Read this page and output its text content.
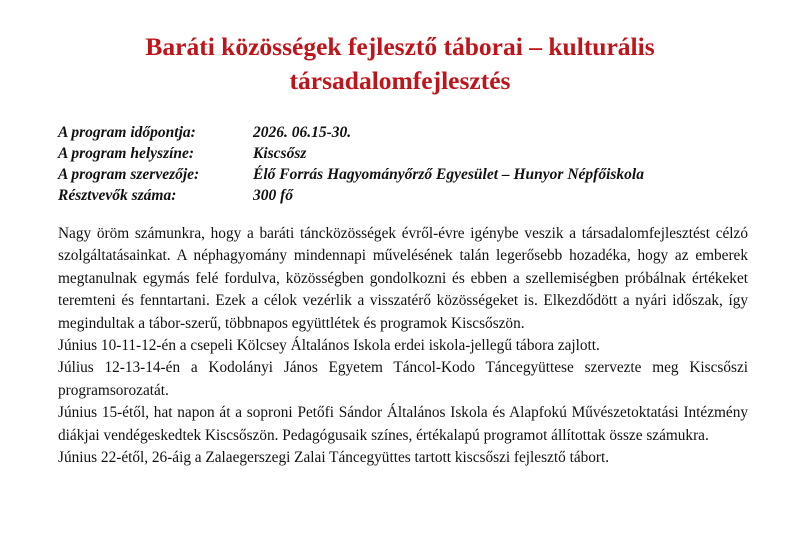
Baráti közösségek fejlesztő táborai – kulturális
társadalomfejlesztés
A program időpontja:	2026. 06.15-30.
A program helyszíne:	Kiscsősz
A program szervezője:	Élő Forrás Hagyományőrző Egyesület – Hunyor Népfőiskola
Résztvevők száma:	300 fő

Nagy öröm számunkra, hogy a baráti táncközösségek évről-évre igénybe veszik a társadalomfejlesztést célzó szolgáltatásainkat. A néphagyomány mindennapi művelésének talán legerősebb hozadéka, hogy az emberek megtanulnak egymás felé fordulva, közösségben gondolkozni és ebben a szellemiségben próbálnak értékeket teremteni és fenntartani. Ezek a célok vezérlik a visszatérő közösségeket is. Elkezdődött a nyári időszak, így megindultak a tábor-szerű, többnapos együttlétek és programok Kiscsőszön.

Június 10-11-12-én a csepeli Kölcsey Általános Iskola erdei iskola-jellegű tábora zajlott.

Július 12-13-14-én a Kodolányi János Egyetem Táncol-Kodo Táncegyüttese szervezte meg Kiscsőszi programsorozatát.

Június 15-étől, hat napon át a soproni Petőfi Sándor Általános Iskola és Alapfokú Művészetoktatási Intézmény diákjai vendégeskedtek Kiscsőszön. Pedagógusaik színes, értékalapú programot állítottak össze számukra.

Június 22-étől, 26-áig a Zalaegerszegi Zalai Táncegyüttes tartott kiscsőszi fejlesztő tábort.
